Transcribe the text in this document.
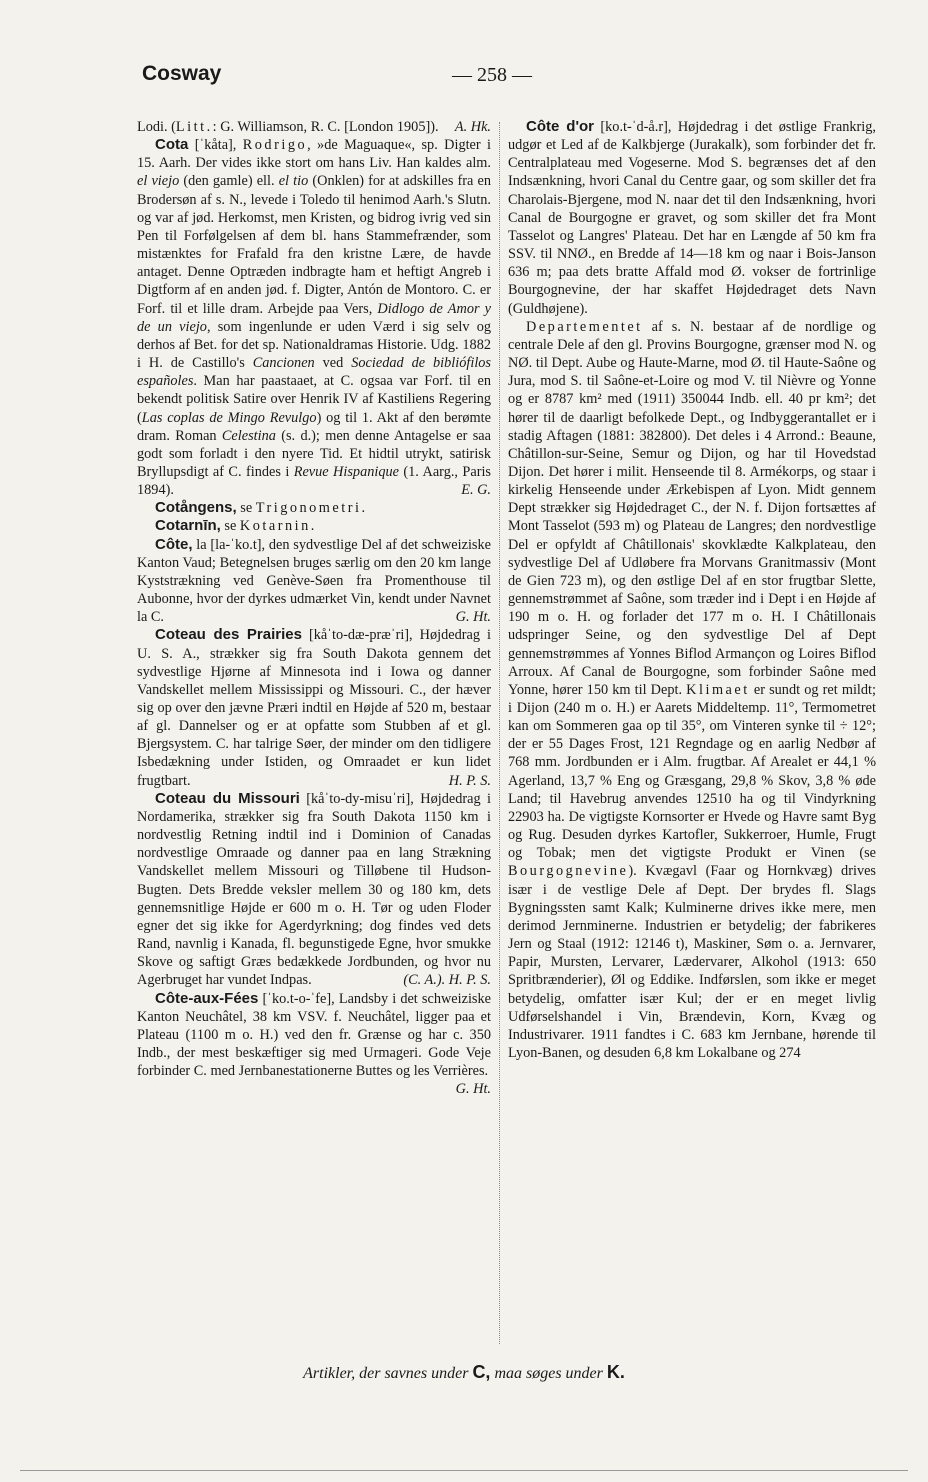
Cosway	— 258 —

Lodi. (Litt.: G. Williamson, R. C. [London 1905]). A. Hk.

Cota [ˈkåta], Rodrigo, »de Maguaque«, sp. Digter i 15. Aarh. Der vides ikke stort om hans Liv. Han kaldes alm. el viejo (den gamle) ell. el tio (Onklen) for at adskilles fra en Brodersøn af s. N., levede i Toledo til henimod Aarh.'s Slutn. og var af jød. Herkomst, men Kristen, og bidrog ivrig ved sin Pen til Forfølgelsen af dem bl. hans Stammefrænder, som mistænktes for Frafald fra den kristne Lære, de havde antaget. Denne Optræden indbragte ham et heftigt Angreb i Digtform af en anden jød. f. Digter, Antón de Montoro. C. er Forf. til et lille dram. Arbejde paa Vers, Didlogo de Amor y de un viejo, som ingenlunde er uden Værd i sig selv og derhos af Bet. for det sp. Nationaldramas Historie. Udg. 1882 i H. de Castillo's Cancionen ved Sociedad de bibliófilos españoles. Man har paastaaet, at C. ogsaa var Forf. til en bekendt politisk Satire over Henrik IV af Kastiliens Regering (Las coplas de Mingo Revulgo) og til 1. Akt af den berømte dram. Roman Celestina (s. d.); men denne Antagelse er saa godt som forladt i den nyere Tid. Et hidtil utrykt, satirisk Bryllupsdigt af C. findes i Revue Hispanique (1. Aarg., Paris 1894).	E. G.

Cotångens, se Trigonometri.

Cotarnīn, se Kotarnin.

Côte, la [la-ˈko.t], den sydvestlige Del af det schweiziske Kanton Vaud; Betegnelsen bruges særlig om den 20 km lange Kyststrækning ved Genève-Søen fra Promenthouse til Aubonne, hvor der dyrkes udmærket Vin, kendt under Navnet la C.	G. Ht.

Coteau des Prairies [kåˈto-dæ-præˈri], Højdedrag i U. S. A., strækker sig fra South Dakota gennem det sydvestlige Hjørne af Minnesota ind i Iowa og danner Vandskellet mellem Mississippi og Missouri. C., der hæver sig op over den jævne Præri indtil en Højde af 520 m, bestaar af gl. Dannelser og er at opfatte som Stubben af et gl. Bjergsystem. C. har talrige Søer, der minder om den tidligere Isbedækning under Istiden, og Omraadet er kun lidet frugtbart.	H. P. S.

Coteau du Missouri [kåˈto-dy-misuˈri], Højdedrag i Nordamerika, strækker sig fra South Dakota 1150 km i nordvestlig Retning indtil ind i Dominion of Canadas nordvestlige Omraade og danner paa en lang Strækning Vandskellet mellem Missouri og Tilløbene til Hudson-Bugten. Dets Bredde veksler mellem 30 og 180 km, dets gennemsnitlige Højde er 600 m o. H. Tør og uden Floder egner det sig ikke for Agerdyrkning; dog findes ved dets Rand, navnlig i Kanada, fl. begunstigede Egne, hvor smukke Skove og saftigt Græs bedækkede Jordbunden, og hvor nu Agerbruget har vundet Indpas.	(C. A.). H. P. S.

Côte-aux-Fées [ˈko.t-o-ˈfe], Landsby i det schweiziske Kanton Neuchâtel, 38 km VSV. f. Neuchâtel, ligger paa et Plateau (1100 m o. H.) ved den fr. Grænse og har c. 350 Indb., der mest beskæftiger sig med Urmageri. Gode Veje forbinder C. med Jernbanestationerne Buttes og les Verrières.
G. Ht.

Côte d'or [ko.t-ˈd-å.r], Højdedrag i det østlige Frankrig, udgør et Led af de Kalkbjerge (Jurakalk), som forbinder det fr. Centralplateau med Vogeserne. Mod S. begrænses det af den Indsænkning, hvori Canal du Centre gaar, og som skiller det fra Charolais-Bjergene, mod N. naar det til den Indsænkning, hvori Canal de Bourgogne er gravet, og som skiller det fra Mont Tasselot og Langres' Plateau. Det har en Længde af 50 km fra SSV. til NNØ., en Bredde af 14—18 km og naar i Bois-Janson 636 m; paa dets bratte Affald mod Ø. vokser de fortrinlige Bourgognevine, der har skaffet Højdedraget dets Navn (Guldhøjene).

Departementet af s. N. bestaar af de nordlige og centrale Dele af den gl. Provins Bourgogne, grænser mod N. og NØ. til Dept. Aube og Haute-Marne, mod Ø. til Haute-Saône og Jura, mod S. til Saône-et-Loire og mod V. til Nièvre og Yonne og er 8787 km² med (1911) 350044 Indb. ell. 40 pr km²; det hører til de daarligt befolkede Dept., og Indbyggerantallet er i stadig Aftagen (1881: 382800). Det deles i 4 Arrond.: Beaune, Châtillon-sur-Seine, Semur og Dijon, og har til Hovedstad Dijon. Det hører i milit. Henseende til 8. Armékorps, og staar i kirkelig Henseende under Ærkebispen af Lyon. Midt gennem Dept strækker sig Højdedraget C., der N. f. Dijon fortsættes af Mont Tasselot (593 m) og Plateau de Langres; den nordvestlige Del er opfyldt af Châtillonais' skovklædte Kalkplateau, den sydvestlige Del af Udløbere fra Morvans Granitmassiv (Mont de Gien 723 m), og den østlige Del af en stor frugtbar Slette, gennemstrømmet af Saône, som træder ind i Dept i en Højde af 190 m o. H. og forlader det 177 m o. H. I Châtillonais udspringer Seine, og den sydvestlige Del af Dept gennemstrømmes af Yonnes Biflod Armançon og Loires Biflod Arroux. Af Canal de Bourgogne, som forbinder Saône med Yonne, hører 150 km til Dept. Klimaet er sundt og ret mildt; i Dijon (240 m o. H.) er Aarets Middeltemp. 11°, Termometret kan om Sommeren gaa op til 35°, om Vinteren synke til ÷ 12°; der er 55 Dages Frost, 121 Regndage og en aarlig Nedbør af 768 mm. Jordbunden er i Alm. frugtbar. Af Arealet er 44,1 % Agerland, 13,7 % Eng og Græsgang, 29,8 % Skov, 3,8 % øde Land; til Havebrug anvendes 12510 ha og til Vindyrkning 22903 ha. De vigtigste Kornsorter er Hvede og Havre samt Byg og Rug. Desuden dyrkes Kartofler, Sukkerroer, Humle, Frugt og Tobak; men det vigtigste Produkt er Vinen (se Bourgognevine). Kvægavl (Faar og Hornkvæg) drives især i de vestlige Dele af Dept. Der brydes fl. Slags Bygningssten samt Kalk; Kulminerne drives ikke mere, men derimod Jernminerne. Industrien er betydelig; der fabrikeres Jern og Staal (1912: 12146 t), Maskiner, Søm o. a. Jernvarer, Papir, Mursten, Lervarer, Lædervarer, Alkohol (1913: 650 Spritbrænderier), Øl og Eddike. Indførslen, som ikke er meget betydelig, omfatter især Kul; der er en meget livlig Udførselshandel i Vin, Brændevin, Korn, Kvæg og Industrivarer. 1911 fandtes i C. 683 km Jernbane, hørende til Lyon-Banen, og desuden 6,8 km Lokalbane og 274

Artikler, der savnes under C, maa søges under K.
